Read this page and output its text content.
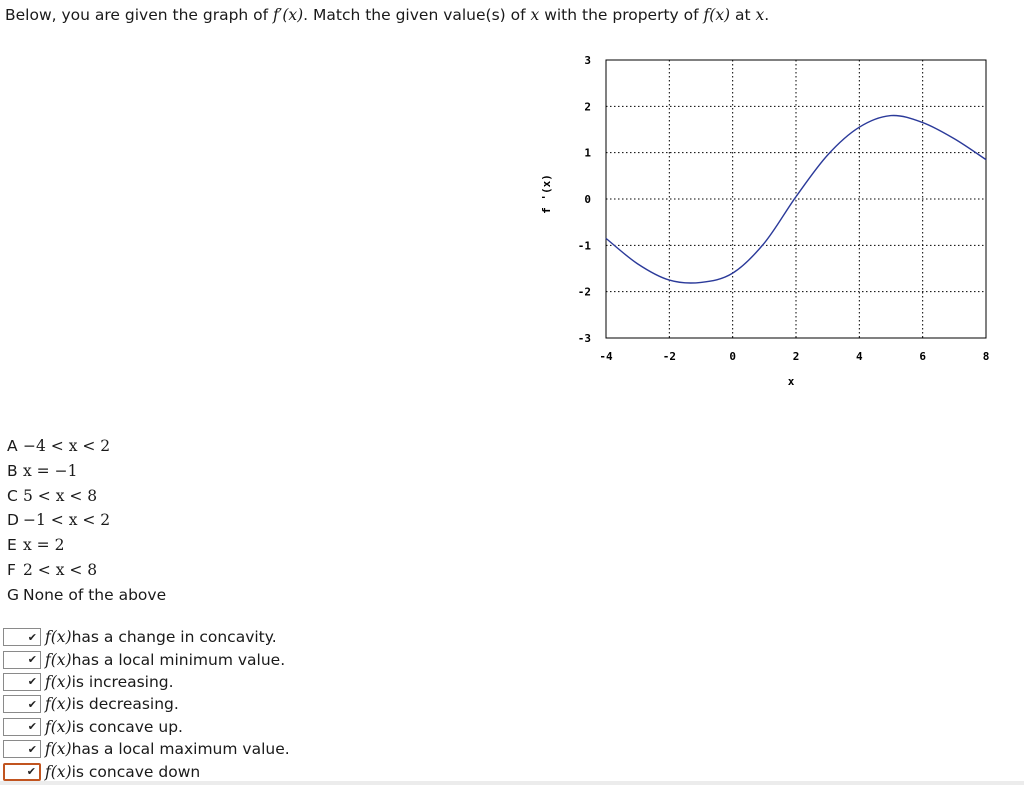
Below, you are given the graph of f′(x). Match the given value(s) of x with the property of f(x) at x.
-4	-2	0	2	4	6	8
3
2
1
0
-1
-2
-3
f '(x)
x
A −4 < x < 2
B x = −1
C 5 < x < 8
D −1 < x < 2
E x = 2
F 2 < x < 8
G None of the above
✔ f(x) has a change in concavity.
✔ f(x) has a local minimum value.
✔ f(x) is increasing.
✔ f(x) is decreasing.
✔ f(x) is concave up.
✔ f(x) has a local maximum value.
✔ f(x) is concave down
